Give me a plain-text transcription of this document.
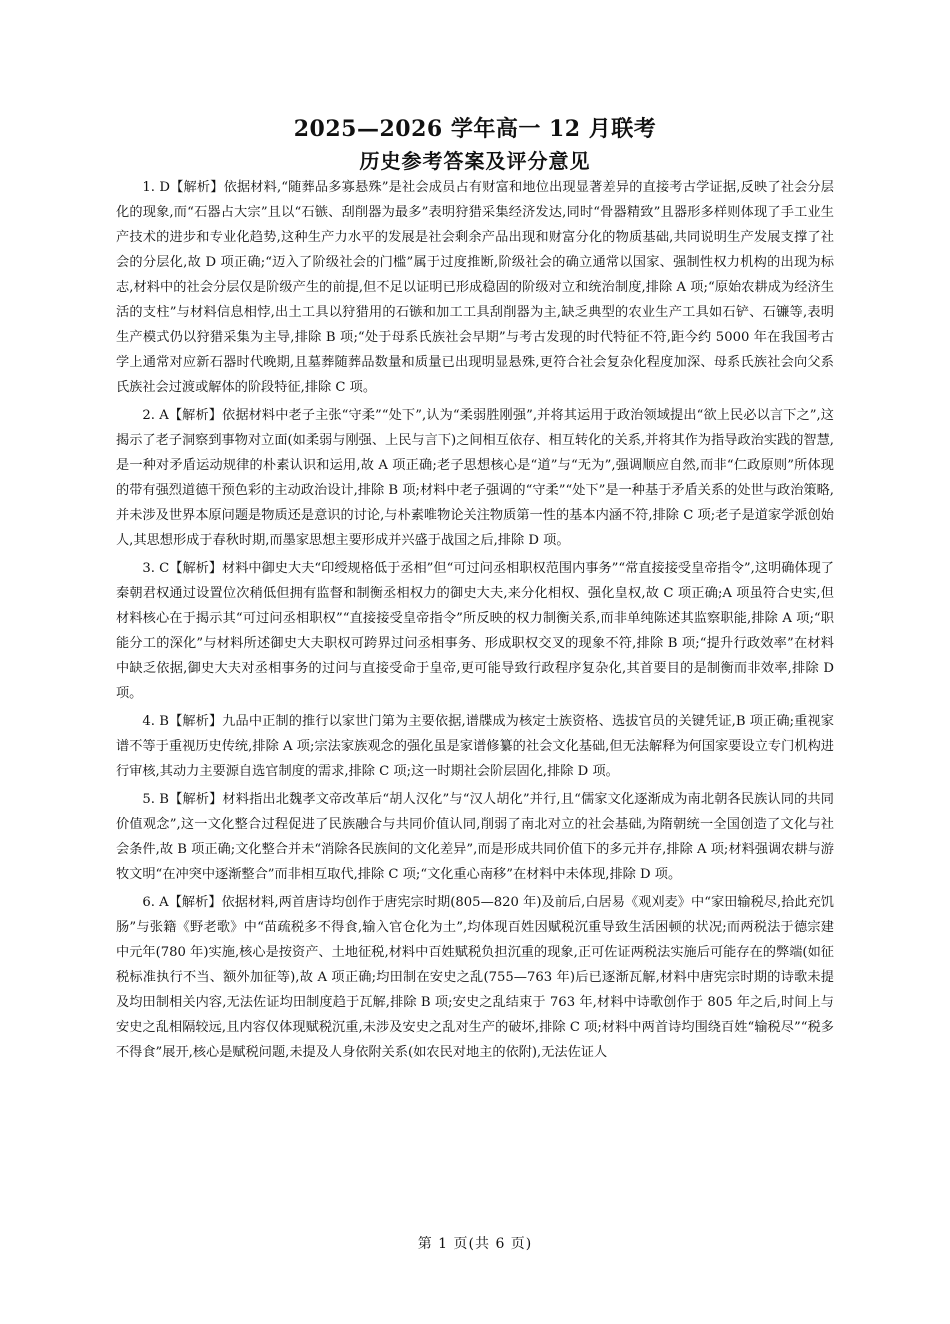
2025—2026 学年高一 12 月联考
历史参考答案及评分意见

1. D【解析】依据材料,“随葬品多寡悬殊”是社会成员占有财富和地位出现显著差异的直接考古学证据,反映了社会分层化的现象,而“石器占大宗”且以“石镞、刮削器为最多”表明狩猎采集经济发达,同时“骨器精致”且器形多样则体现了手工业生产技术的进步和专业化趋势,这种生产力水平的发展是社会剩余产品出现和财富分化的物质基础,共同说明生产发展支撑了社会的分层化,故 D 项正确;“迈入了阶级社会的门槛”属于过度推断,阶级社会的确立通常以国家、强制性权力机构的出现为标志,材料中的社会分层仅是阶级产生的前提,但不足以证明已形成稳固的阶级对立和统治制度,排除 A 项;“原始农耕成为经济生活的支柱”与材料信息相悖,出土工具以狩猎用的石镞和加工工具刮削器为主,缺乏典型的农业生产工具如石铲、石镰等,表明生产模式仍以狩猎采集为主导,排除 B 项;“处于母系氏族社会早期”与考古发现的时代特征不符,距今约 5000 年在我国考古学上通常对应新石器时代晚期,且墓葬随葬品数量和质量已出现明显悬殊,更符合社会复杂化程度加深、母系氏族社会向父系氏族社会过渡或解体的阶段特征,排除 C 项。

2. A【解析】依据材料中老子主张“守柔”“处下”,认为“柔弱胜刚强”,并将其运用于政治领域提出“欲上民必以言下之”,这揭示了老子洞察到事物对立面(如柔弱与刚强、上民与言下)之间相互依存、相互转化的关系,并将其作为指导政治实践的智慧,是一种对矛盾运动规律的朴素认识和运用,故 A 项正确;老子思想核心是“道”与“无为”,强调顺应自然,而非“仁政原则”所体现的带有强烈道德干预色彩的主动政治设计,排除 B 项;材料中老子强调的“守柔”“处下”是一种基于矛盾关系的处世与政治策略,并未涉及世界本原问题是物质还是意识的讨论,与朴素唯物论关注物质第一性的基本内涵不符,排除 C 项;老子是道家学派创始人,其思想形成于春秋时期,而墨家思想主要形成并兴盛于战国之后,排除 D 项。

3. C【解析】材料中御史大夫“印绶规格低于丞相”但“可过问丞相职权范围内事务”“常直接接受皇帝指令”,这明确体现了秦朝君权通过设置位次稍低但拥有监督和制衡丞相权力的御史大夫,来分化相权、强化皇权,故 C 项正确;A 项虽符合史实,但材料核心在于揭示其“可过问丞相职权”“直接接受皇帝指令”所反映的权力制衡关系,而非单纯陈述其监察职能,排除 A 项;“职能分工的深化”与材料所述御史大夫职权可跨界过问丞相事务、形成职权交叉的现象不符,排除 B 项;“提升行政效率”在材料中缺乏依据,御史大夫对丞相事务的过问与直接受命于皇帝,更可能导致行政程序复杂化,其首要目的是制衡而非效率,排除 D 项。

4. B【解析】九品中正制的推行以家世门第为主要依据,谱牒成为核定士族资格、选拔官员的关键凭证,B 项正确;重视家谱不等于重视历史传统,排除 A 项;宗法家族观念的强化虽是家谱修纂的社会文化基础,但无法解释为何国家要设立专门机构进行审核,其动力主要源自选官制度的需求,排除 C 项;这一时期社会阶层固化,排除 D 项。

5. B【解析】材料指出北魏孝文帝改革后“胡人汉化”与“汉人胡化”并行,且“儒家文化逐渐成为南北朝各民族认同的共同价值观念”,这一文化整合过程促进了民族融合与共同价值认同,削弱了南北对立的社会基础,为隋朝统一全国创造了文化与社会条件,故 B 项正确;文化整合并未“消除各民族间的文化差异”,而是形成共同价值下的多元并存,排除 A 项;材料强调农耕与游牧文明“在冲突中逐渐整合”而非相互取代,排除 C 项;“文化重心南移”在材料中未体现,排除 D 项。

6. A【解析】依据材料,两首唐诗均创作于唐宪宗时期(805—820 年)及前后,白居易《观刈麦》中“家田输税尽,拾此充饥肠”与张籍《野老歌》中“苗疏税多不得食,输入官仓化为土”,均体现百姓因赋税沉重导致生活困顿的状况;而两税法于德宗建中元年(780 年)实施,核心是按资产、土地征税,材料中百姓赋税负担沉重的现象,正可佐证两税法实施后可能存在的弊端(如征税标准执行不当、额外加征等),故 A 项正确;均田制在安史之乱(755—763 年)后已逐渐瓦解,材料中唐宪宗时期的诗歌未提及均田制相关内容,无法佐证均田制度趋于瓦解,排除 B 项;安史之乱结束于 763 年,材料中诗歌创作于 805 年之后,时间上与安史之乱相隔较远,且内容仅体现赋税沉重,未涉及安史之乱对生产的破坏,排除 C 项;材料中两首诗均围绕百姓“输税尽”“税多不得食”展开,核心是赋税问题,未提及人身依附关系(如农民对地主的依附),无法佐证人

第 1 页(共 6 页)
